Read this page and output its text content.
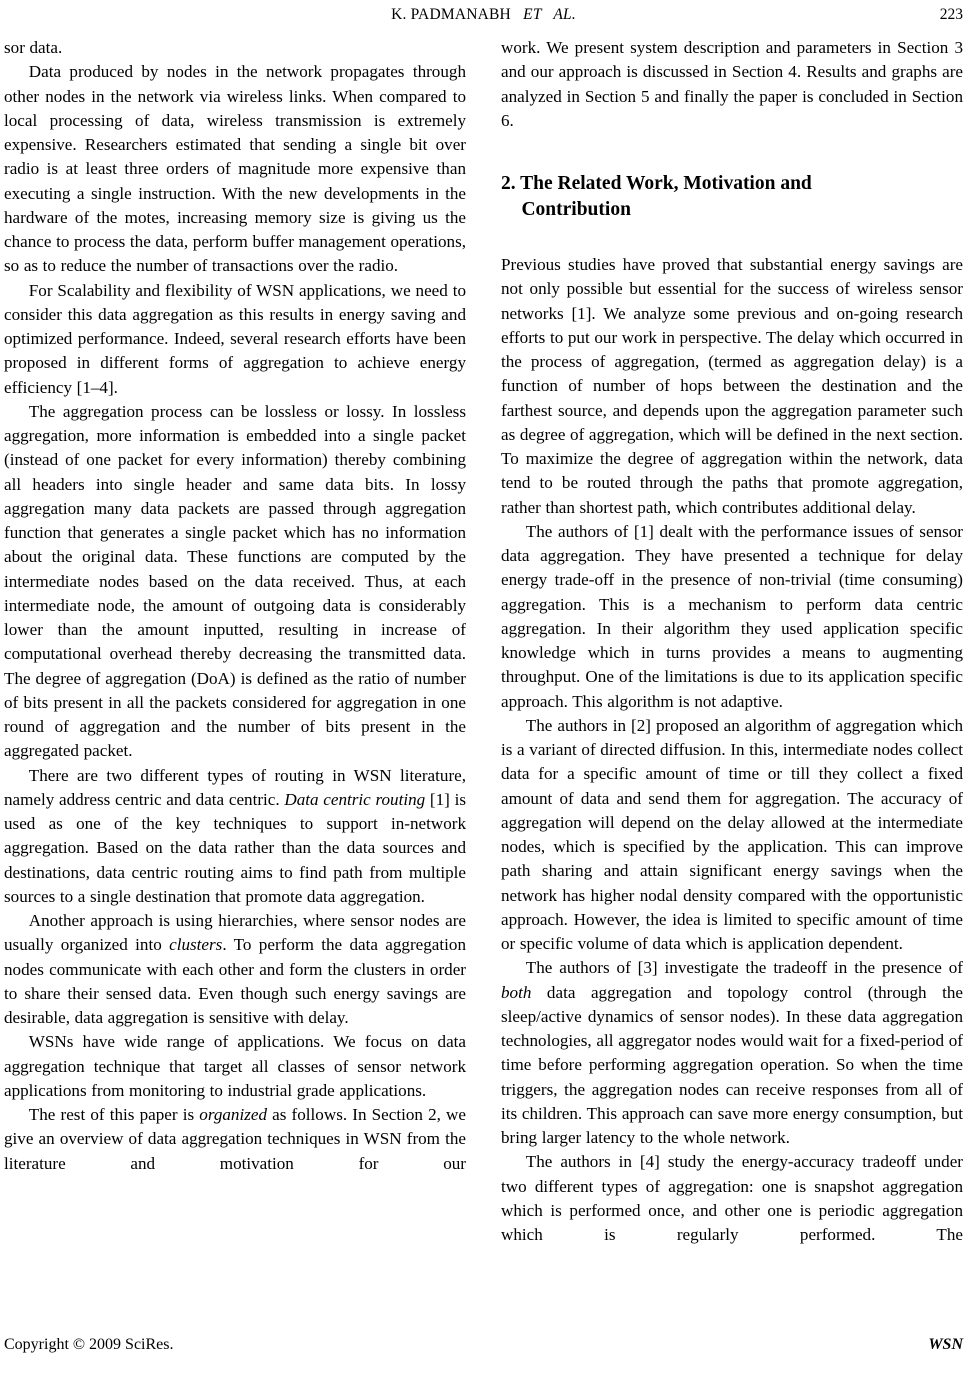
K. PADMANABH ET   AL.	223

sor data.

Data produced by nodes in the network propagates through other nodes in the network via wireless links. When compared to local processing of data, wireless transmission is extremely expensive. Researchers estimated that sending a single bit over radio is at least three orders of magnitude more expensive than executing a single instruction. With the new developments in the hardware of the motes, increasing memory size is giving us the chance to process the data, perform buffer management operations, so as to reduce the number of transactions over the radio.

For Scalability and flexibility of WSN applications, we need to consider this data aggregation as this results in energy saving and optimized performance. Indeed, several research efforts have been proposed in different forms of aggregation to achieve energy efficiency [1–4].

The aggregation process can be lossless or lossy. In lossless aggregation, more information is embedded into a single packet (instead of one packet for every information) thereby combining all headers into single header and same data bits. In lossy aggregation many data packets are passed through aggregation function that generates a single packet which has no information about the original data. These functions are computed by the intermediate nodes based on the data received. Thus, at each intermediate node, the amount of outgoing data is considerably lower than the amount inputted, resulting in increase of computational overhead thereby decreasing the transmitted data. The degree of aggregation (DoA) is defined as the ratio of number of bits present in all the packets considered for aggregation in one round of aggregation and the number of bits present in the aggregated packet.

There are two different types of routing in WSN literature, namely address centric and data centric. Data centric routing [1] is used as one of the key techniques to support in-network aggregation. Based on the data rather than the data sources and destinations, data centric routing aims to find path from multiple sources to a single destination that promote data aggregation.

Another approach is using hierarchies, where sensor nodes are usually organized into clusters. To perform the data aggregation nodes communicate with each other and form the clusters in order to share their sensed data. Even though such energy savings are desirable, data aggregation is sensitive with delay.

WSNs have wide range of applications. We focus on data aggregation technique that target all classes of sensor network applications from monitoring to industrial grade applications.

The rest of this paper is organized as follows. In Section 2, we give an overview of data aggregation techniques in WSN from the literature and motivation for our

work. We present system description and parameters in Section 3 and our approach is discussed in Section 4. Results and graphs are analyzed in Section 5 and finally the paper is concluded in Section 6.

2. The Related Work, Motivation and
Contribution

Previous studies have proved that substantial energy savings are not only possible but essential for the success of wireless sensor networks [1]. We analyze some previous and on-going research efforts to put our work in perspective. The delay which occurred in the process of aggregation, (termed as aggregation delay) is a function of number of hops between the destination and the farthest source, and depends upon the aggregation parameter such as degree of aggregation, which will be defined in the next section. To maximize the degree of aggregation within the network, data tend to be routed through the paths that promote aggregation, rather than shortest path, which contributes additional delay.

The authors of [1] dealt with the performance issues of sensor data aggregation. They have presented a technique for delay energy trade-off in the presence of non-trivial (time consuming) aggregation. This is a mechanism to perform data centric aggregation. In their algorithm they used application specific knowledge which in turns provides a means to augmenting throughput. One of the limitations is due to its application specific approach. This algorithm is not adaptive.

The authors in [2] proposed an algorithm of aggregation which is a variant of directed diffusion. In this, intermediate nodes collect data for a specific amount of time or till they collect a fixed amount of data and send them for aggregation. The accuracy of aggregation will depend on the delay allowed at the intermediate nodes, which is specified by the application. This can improve path sharing and attain significant energy savings when the network has higher nodal density compared with the opportunistic approach. However, the idea is limited to specific amount of time or specific volume of data which is application dependent.

The authors of [3] investigate the tradeoff in the presence of both data aggregation and topology control (through the sleep/active dynamics of sensor nodes). In these data aggregation technologies, all aggregator nodes would wait for a fixed-period of time before performing aggregation operation. So when the time triggers, the aggregation nodes can receive responses from all of its children. This approach can save more energy consumption, but bring larger latency to the whole network.

The authors in [4] study the energy-accuracy tradeoff under two different types of aggregation: one is snapshot aggregation which is performed once, and other one is periodic aggregation which is regularly performed. The

Copyright © 2009 SciRes.	WSN
